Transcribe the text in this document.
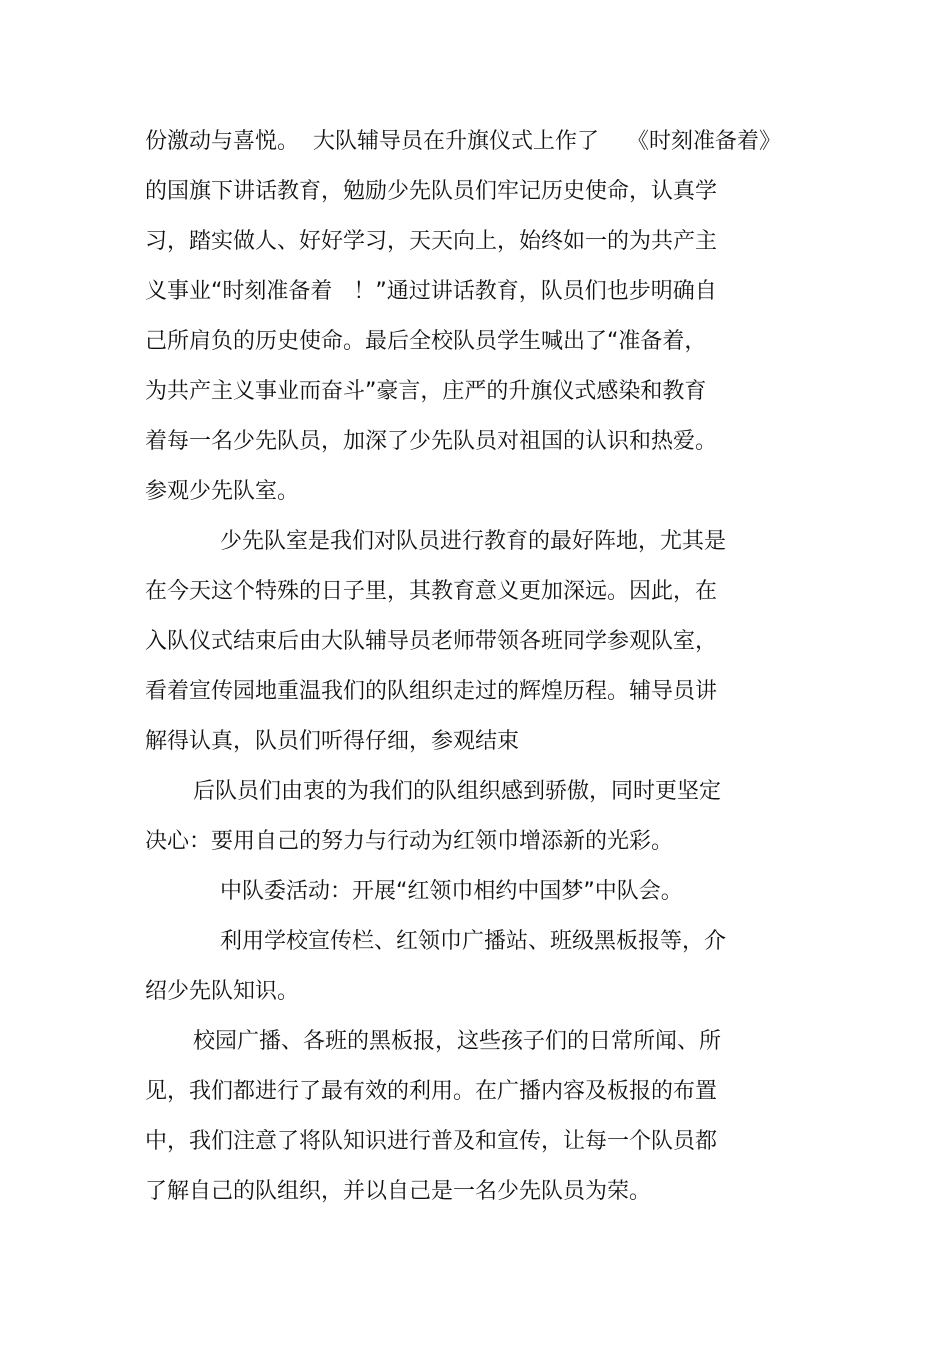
份激动与喜悦。  大队辅导员在升旗仪式上作了    《时刻准备着》
的国旗下讲话教育，勉励少先队员们牢记历史使命，认真学
习，踏实做人、好好学习，天天向上，始终如一的为共产主
义事业“时刻准备着   ！”通过讲话教育，队员们也步明确自
己所肩负的历史使命。最后全校队员学生喊出了“准备着，
为共产主义事业而奋斗”豪言，庄严的升旗仪式感染和教育
着每一名少先队员，加深了少先队员对祖国的认识和热爱。
参观少先队室。
少先队室是我们对队员进行教育的最好阵地，尤其是
在今天这个特殊的日子里，其教育意义更加深远。因此，在
入队仪式结束后由大队辅导员老师带领各班同学参观队室，
看着宣传园地重温我们的队组织走过的辉煌历程。辅导员讲
解得认真，队员们听得仔细，参观结束
后队员们由衷的为我们的队组织感到骄傲，同时更坚定
决心：要用自己的努力与行动为红领巾增添新的光彩。
中队委活动：开展“红领巾相约中国梦”中队会。
利用学校宣传栏、红领巾广播站、班级黑板报等，介
绍少先队知识。
校园广播、各班的黑板报，这些孩子们的日常所闻、所
见，我们都进行了最有效的利用。在广播内容及板报的布置
中，我们注意了将队知识进行普及和宣传，让每一个队员都
了解自己的队组织，并以自己是一名少先队员为荣。
